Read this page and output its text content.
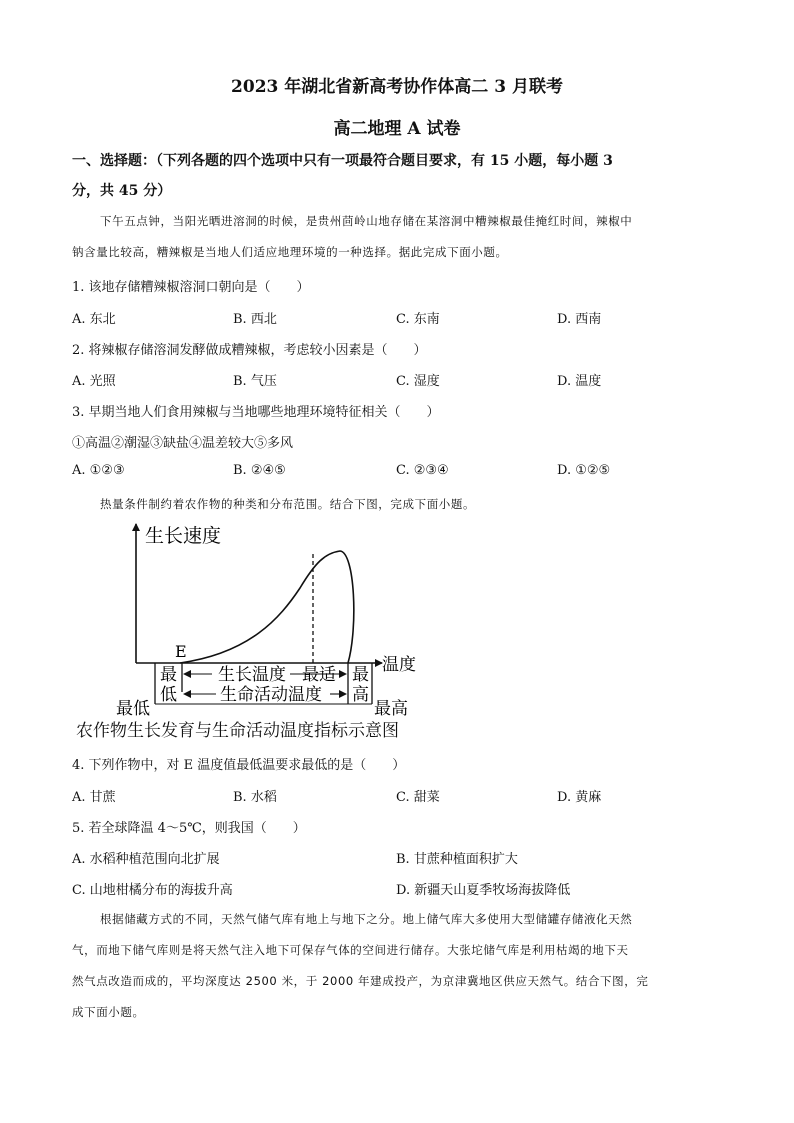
2023 年湖北省新高考协作体高二 3 月联考
高二地理 A 试卷
一、选择题：（下列各题的四个选项中只有一项最符合题目要求，有 15 小题，每小题 3
分，共 45 分）
下午五点钟，当阳光晒进溶洞的时候，是贵州茴岭山地存储在某溶洞中糟辣椒最佳掩红时间，辣椒中
钠含量比较高，糟辣椒是当地人们适应地理环境的一种选择。据此完成下面小题。
1. 该地存储糟辣椒溶洞口朝向是（　　）
A. 东北	B. 西北	C. 东南	D. 西南
2. 将辣椒存储溶洞发酵做成糟辣椒，考虑较小因素是（　　）
A. 光照	B. 气压	C. 湿度	D. 温度
3. 早期当地人们食用辣椒与当地哪些地理环境特征相关（　　）
①高温②潮湿③缺盐④温差较大⑤多风
A. ①②③	B. ②④⑤	C. ②③④	D. ①②⑤
热量条件制约着农作物的种类和分布范围。结合下图，完成下面小题。
生长速度
温度
E
最
低
最
高
生长温度 最适
生命活动温度
最低	最高
农作物生长发育与生命活动温度指标示意图
4. 下列作物中，对 E 温度值最低温要求最低的是（　　）
A. 甘蔗	B. 水稻	C. 甜菜	D. 黄麻
5. 若全球降温 4～5℃，则我国（　　）
A. 水稻种植范围向北扩展	B. 甘蔗种植面积扩大
C. 山地柑橘分布的海拔升高	D. 新疆天山夏季牧场海拔降低
根据储藏方式的不同，天然气储气库有地上与地下之分。地上储气库大多使用大型储罐存储液化天然
气，而地下储气库则是将天然气注入地下可保存气体的空间进行储存。大张坨储气库是利用枯竭的地下天
然气点改造而成的，平均深度达 2500 米，于 2000 年建成投产，为京津冀地区供应天然气。结合下图，完
成下面小题。
